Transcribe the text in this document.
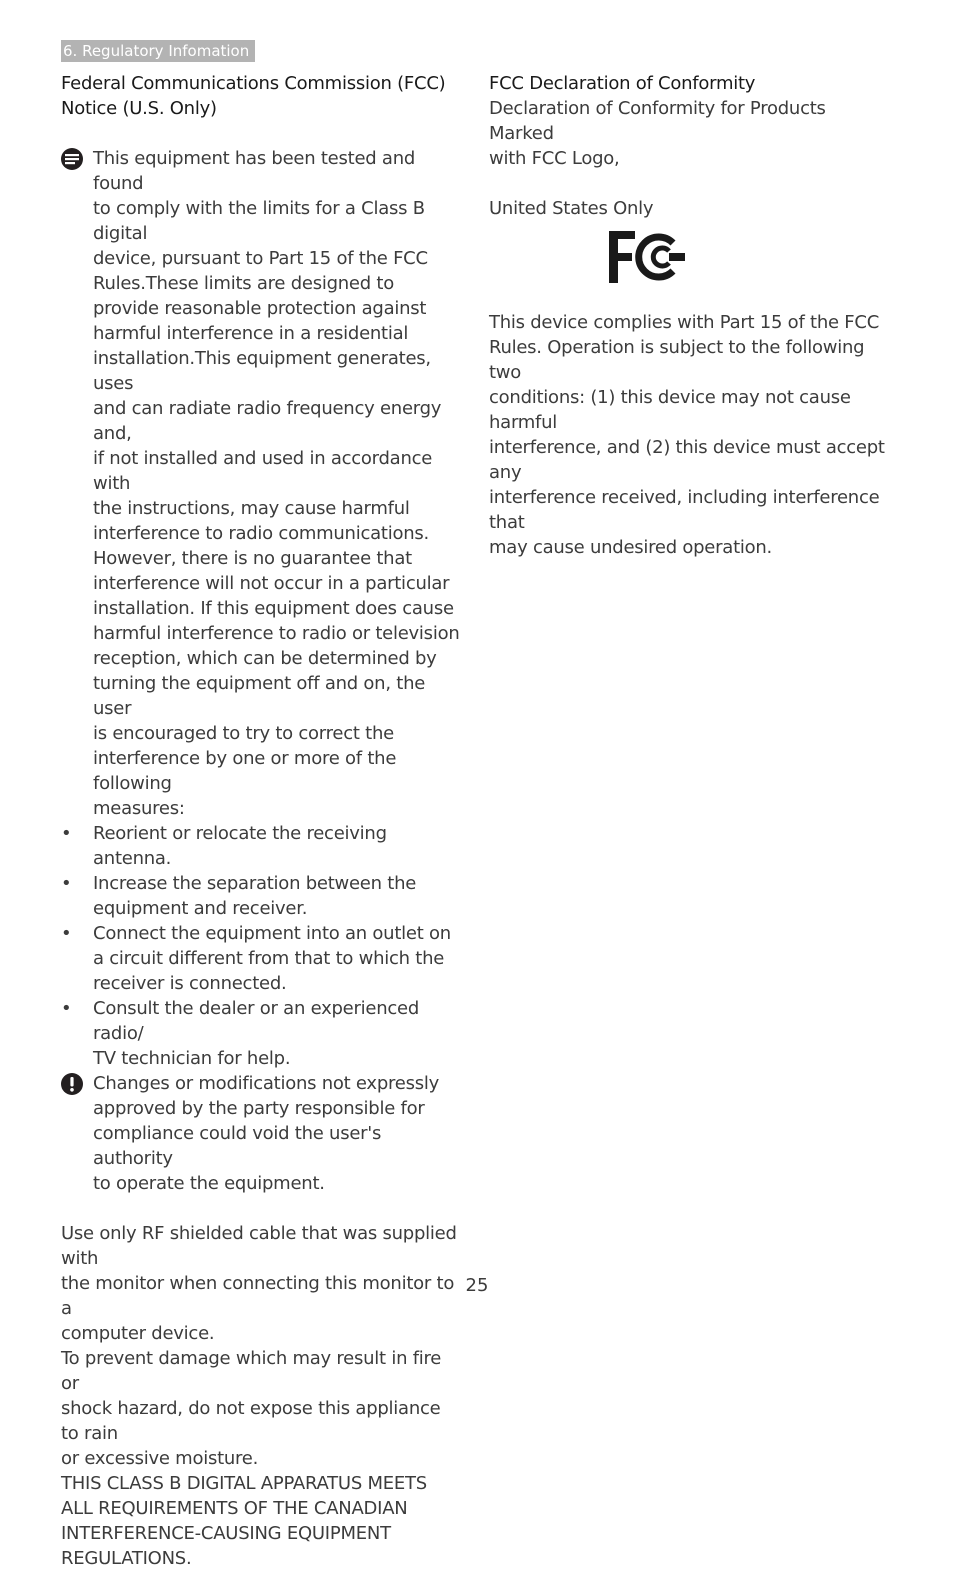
6. Regulatory Infomation
Federal Communications Commission (FCC)
Notice (U.S. Only)

This equipment has been tested and found
to comply with the limits for a Class B digital
device, pursuant to Part 15 of the FCC
Rules.These limits are designed to
provide reasonable protection against
harmful interference in a residential
installation.This equipment generates, uses
and can radiate radio frequency energy and,
if not installed and used in accordance with
the instructions, may cause harmful
interference to radio communications.
However, there is no guarantee that
interference will not occur in a particular
installation. If this equipment does cause
harmful interference to radio or television
reception, which can be determined by
turning the equipment off and on, the user
is encouraged to try to correct the
interference by one or more of the following
measures:

• Reorient or relocate the receiving antenna.
• Increase the separation between the
equipment and receiver.
• Connect the equipment into an outlet on
a circuit different from that to which the
receiver is connected.
• Consult the dealer or an experienced radio/
TV technician for help.

Changes or modifications not expressly
approved by the party responsible for
compliance could void the user's authority
to operate the equipment.

Use only RF shielded cable that was supplied with
the monitor when connecting this monitor to a
computer device.

To prevent damage which may result in fire or
shock hazard, do not expose this appliance to rain
or excessive moisture.

THIS CLASS B DIGITAL APPARATUS MEETS
ALL REQUIREMENTS OF THE CANADIAN
INTERFERENCE-CAUSING EQUIPMENT
REGULATIONS.

FCC Declaration of Conformity

Declaration of Conformity for Products Marked
with FCC Logo,

United States Only

This device complies with Part 15 of the FCC
Rules. Operation is subject to the following two
conditions: (1) this device may not cause harmful
interference, and (2) this device must accept any
interference received, including interference that
may cause undesired operation.

25
